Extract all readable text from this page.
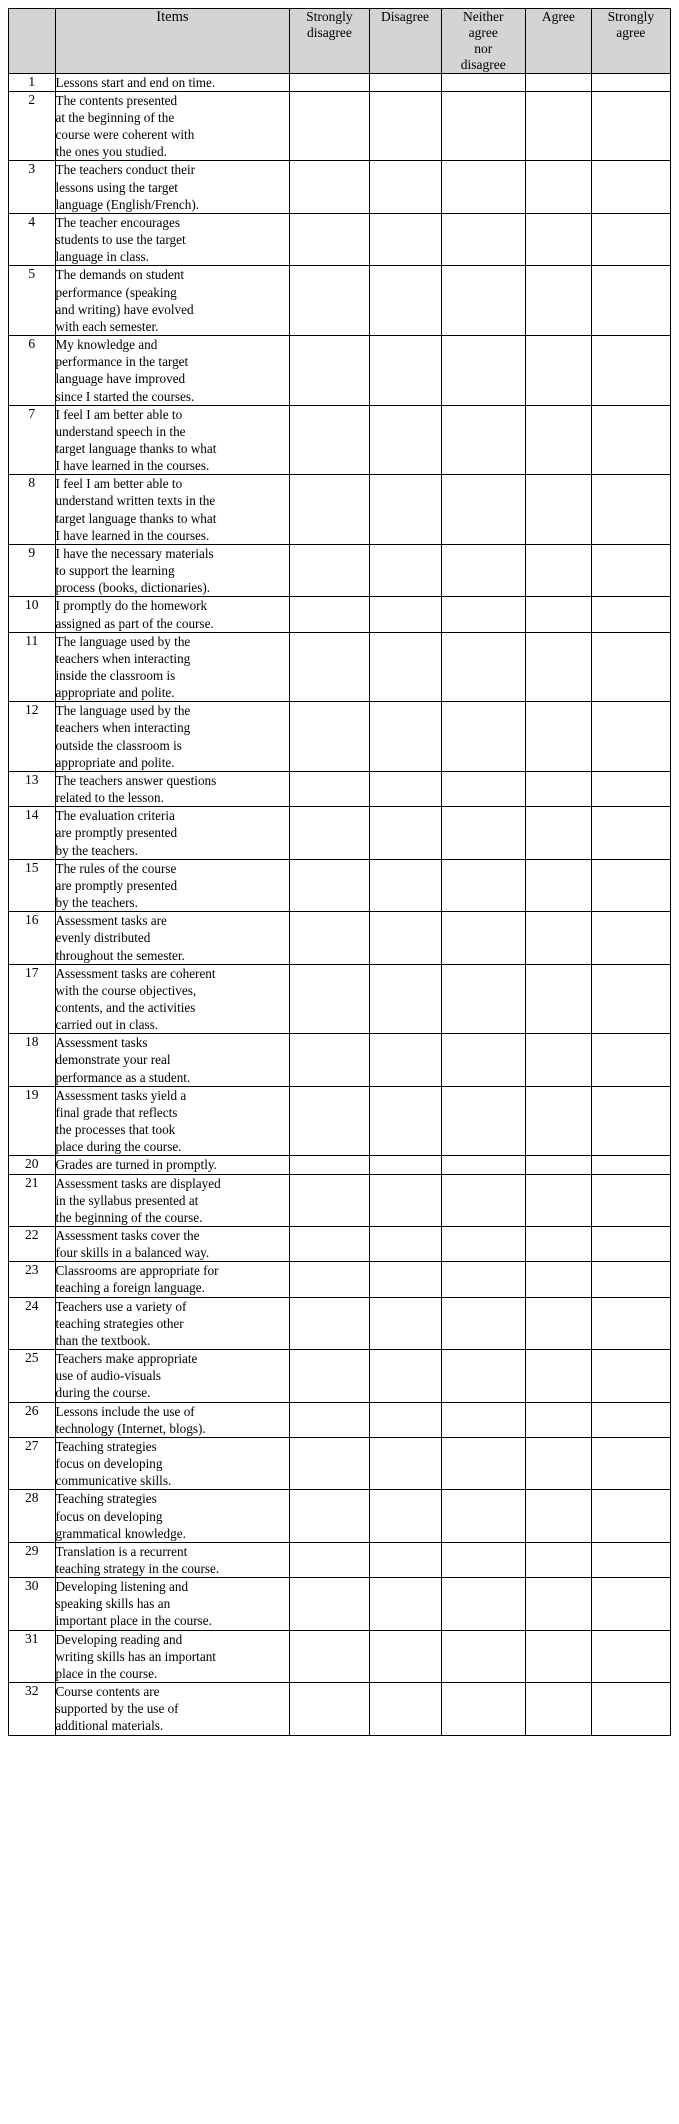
	Items	Strongly
disagree	Disagree	Neither
agree
nor
disagree	Agree	Strongly
agree
1	Lessons start and end on time.					

2	The contents presented
at the beginning of the
course were coherent with
the ones you studied.					

3	The teachers conduct their
lessons using the target
language (English/French).					

4	The teacher encourages
students to use the target
language in class.					

5	The demands on student
performance (speaking
and writing) have evolved
with each semester.					

6	My knowledge and
performance in the target
language have improved
since I started the courses.					

7	I feel I am better able to
understand speech in the
target language thanks to what
I have learned in the courses.					

8	I feel I am better able to
understand written texts in the
target language thanks to what
I have learned in the courses.					

9	I have the necessary materials
to support the learning
process (books, dictionaries).					

10	I promptly do the homework
assigned as part of the course.					

11	The language used by the
teachers when interacting
inside the classroom is
appropriate and polite.					

12	The language used by the
teachers when interacting
outside the classroom is
appropriate and polite.					

13	The teachers answer questions
related to the lesson.					

14	The evaluation criteria
are promptly presented
by the teachers.					

15	The rules of the course
are promptly presented
by the teachers.					

16	Assessment tasks are
evenly distributed
throughout the semester.					

17	Assessment tasks are coherent
with the course objectives,
contents, and the activities
carried out in class.					

18	Assessment tasks
demonstrate your real
performance as a student.					

19	Assessment tasks yield a
final grade that reflects
the processes that took
place during the course.					

20	Grades are turned in promptly.					

21	Assessment tasks are displayed
in the syllabus presented at
the beginning of the course.					

22	Assessment tasks cover the
four skills in a balanced way.					

23	Classrooms are appropriate for
teaching a foreign language.					

24	Teachers use a variety of
teaching strategies other
than the textbook.					

25	Teachers make appropriate
use of audio-visuals
during the course.					

26	Lessons include the use of
technology (Internet, blogs).					

27	Teaching strategies
focus on developing
communicative skills.					

28	Teaching strategies
focus on developing
grammatical knowledge.					

29	Translation is a recurrent
teaching strategy in the course.					

30	Developing listening and
speaking skills has an
important place in the course.					

31	Developing reading and
writing skills has an important
place in the course.					

32	Course contents are
supported by the use of
additional materials.					
